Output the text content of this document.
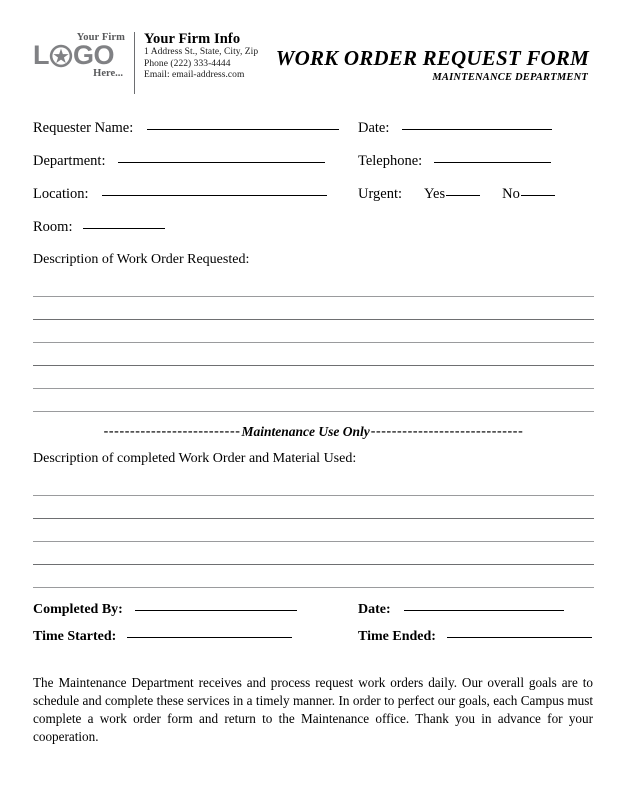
Your Firm
L GO
Here...
Your Firm Info
1 Address St., State, City, Zip
Phone (222) 333-4444
Email: email-address.com
WORK ORDER REQUEST FORM
MAINTENANCE DEPARTMENT
Requester Name:	Date:
Department:	Telephone:
Location:	Urgent: Yes	No
Room:
Description of Work Order Requested:
-------------------------- Maintenance Use Only -----------------------------
Description of completed Work Order and Material Used:
Completed By:	Date:
Time Started:	Time Ended:
The Maintenance Department receives and process request work orders daily. Our overall goals are to schedule and complete these services in a timely manner. In order to perfect our goals, each Campus must complete a work order form and return to the Maintenance office. Thank you in advance for your cooperation.
